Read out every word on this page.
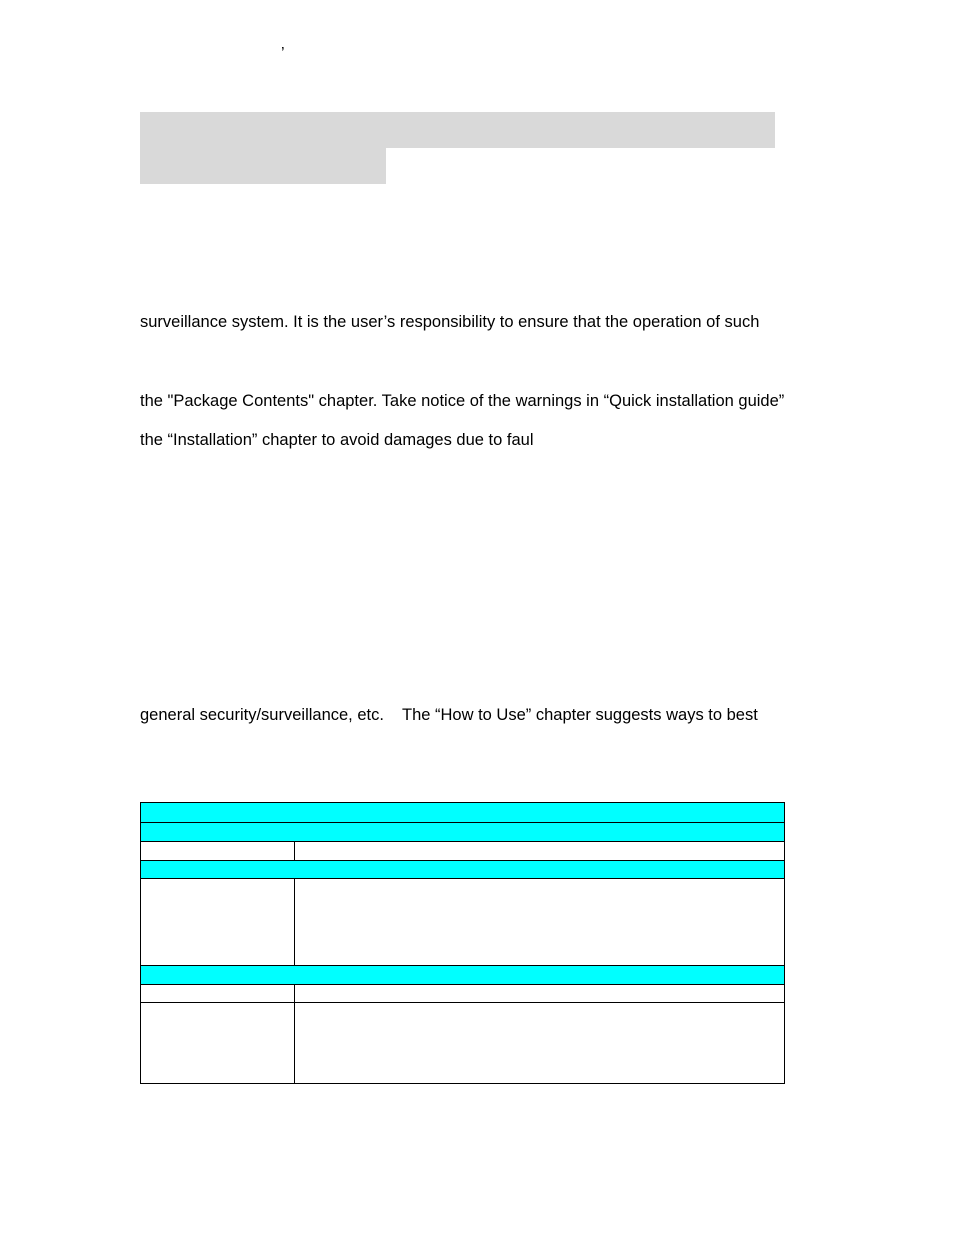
’
surveillance system. It is the user’s responsibility to ensure that the operation of such
the "Package Contents" chapter. Take notice of the warnings in “Quick installation guide”
the “Installation” chapter to avoid damages due to faul
general security/surveillance, etc.    The “How to Use” chapter suggests ways to best
